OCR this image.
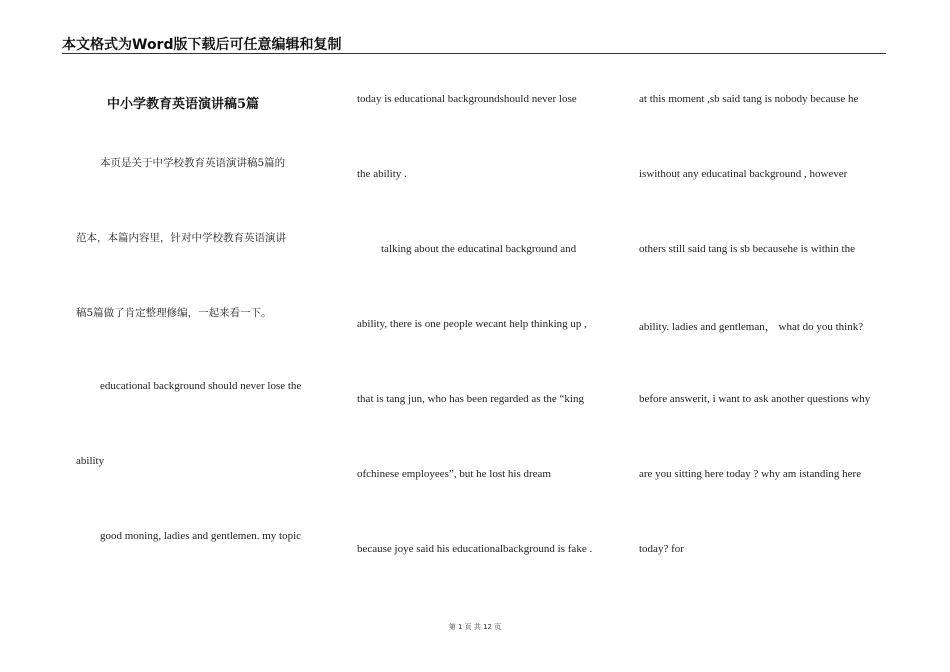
本文格式为Word版下载后可任意编辑和复制
中小学教育英语演讲稿5篇
本页是关于中学校教育英语演讲稿5篇的
范本，本篇内容里，针对中学校教育英语演讲
稿5篇做了肯定整理修编，一起来看一下。
educational background should never lose the
ability
good moning, ladies and gentlemen. my topic
today is educational backgroundshould never lose
the ability .
talking about the educatinal background and
ability, there is one people wecant help thinking up ,
that is tang jun, who has been regarded as the “king
ofchinese employees”, but he lost his dream
because joye said his educationalbackground is fake .
at this moment ,sb said tang is nobody because he
iswithout any educatinal background , however
others still said tang is sb becausehe is within the
ability. ladies and gentleman， what do you think?
before answerit, i want to ask another questions why
are you sitting here today ? why am istanding here
today? for
第 1 页 共 12 页
